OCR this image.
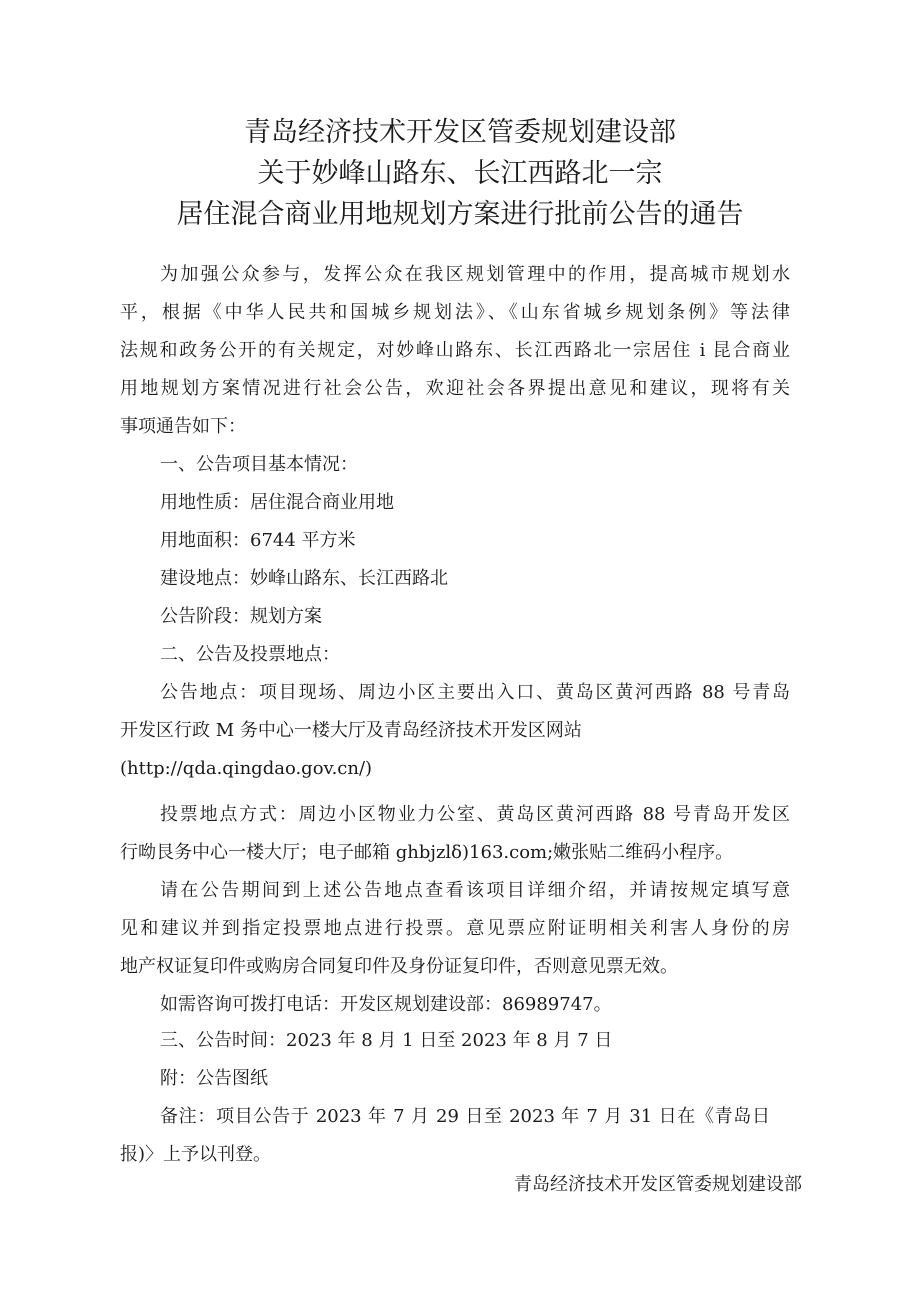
青岛经济技术开发区管委规划建设部
关于妙峰山路东、长江西路北一宗
居住混合商业用地规划方案进行批前公告的通告
为加强公众参与，发挥公众在我区规划管理中的作用，提高城市规划水
平，根据《中华人民共和国城乡规划法》、《山东省城乡规划条例》等法律
法规和政务公开的有关规定，对妙峰山路东、长江西路北一宗居住 i 昆合商业
用地规划方案情况进行社会公告，欢迎社会各界提出意见和建议，现将有关
事项通告如下：
一、公告项目基本情况：
用地性质：居住混合商业用地
用地面积：6744 平方米
建设地点：妙峰山路东、长江西路北
公告阶段：规划方案
二、公告及投票地点：
公告地点：项目现场、周边小区主要出入口、黄岛区黄河西路 88 号青岛
开发区行政 M 务中心一楼大厅及青岛经济技术开发区网站
(http://qda.qingdao.gov.cn/)
投票地点方式：周边小区物业力公室、黄岛区黄河西路 88 号青岛开发区
行呦艮务中心一楼大厅；电子邮箱 ghbjzlδ)163.com;嫩张贴二维码小程序。
请在公告期间到上述公告地点查看该项目详细介绍，并请按规定填写意
见和建议并到指定投票地点进行投票。意见票应附证明相关利害人身份的房
地产权证复印件或购房合同复印件及身份证复印件，否则意见票无效。
如需咨询可拨打电话：开发区规划建设部：86989747。
三、公告时间：2023 年 8 月 1 日至 2023 年 8 月 7 日
附：公告图纸
备注：项目公告于 2023 年 7 月 29 日至 2023 年 7 月 31 日在《青岛日
报)〉上予以刊登。
青岛经济技术开发区管委规划建设部
